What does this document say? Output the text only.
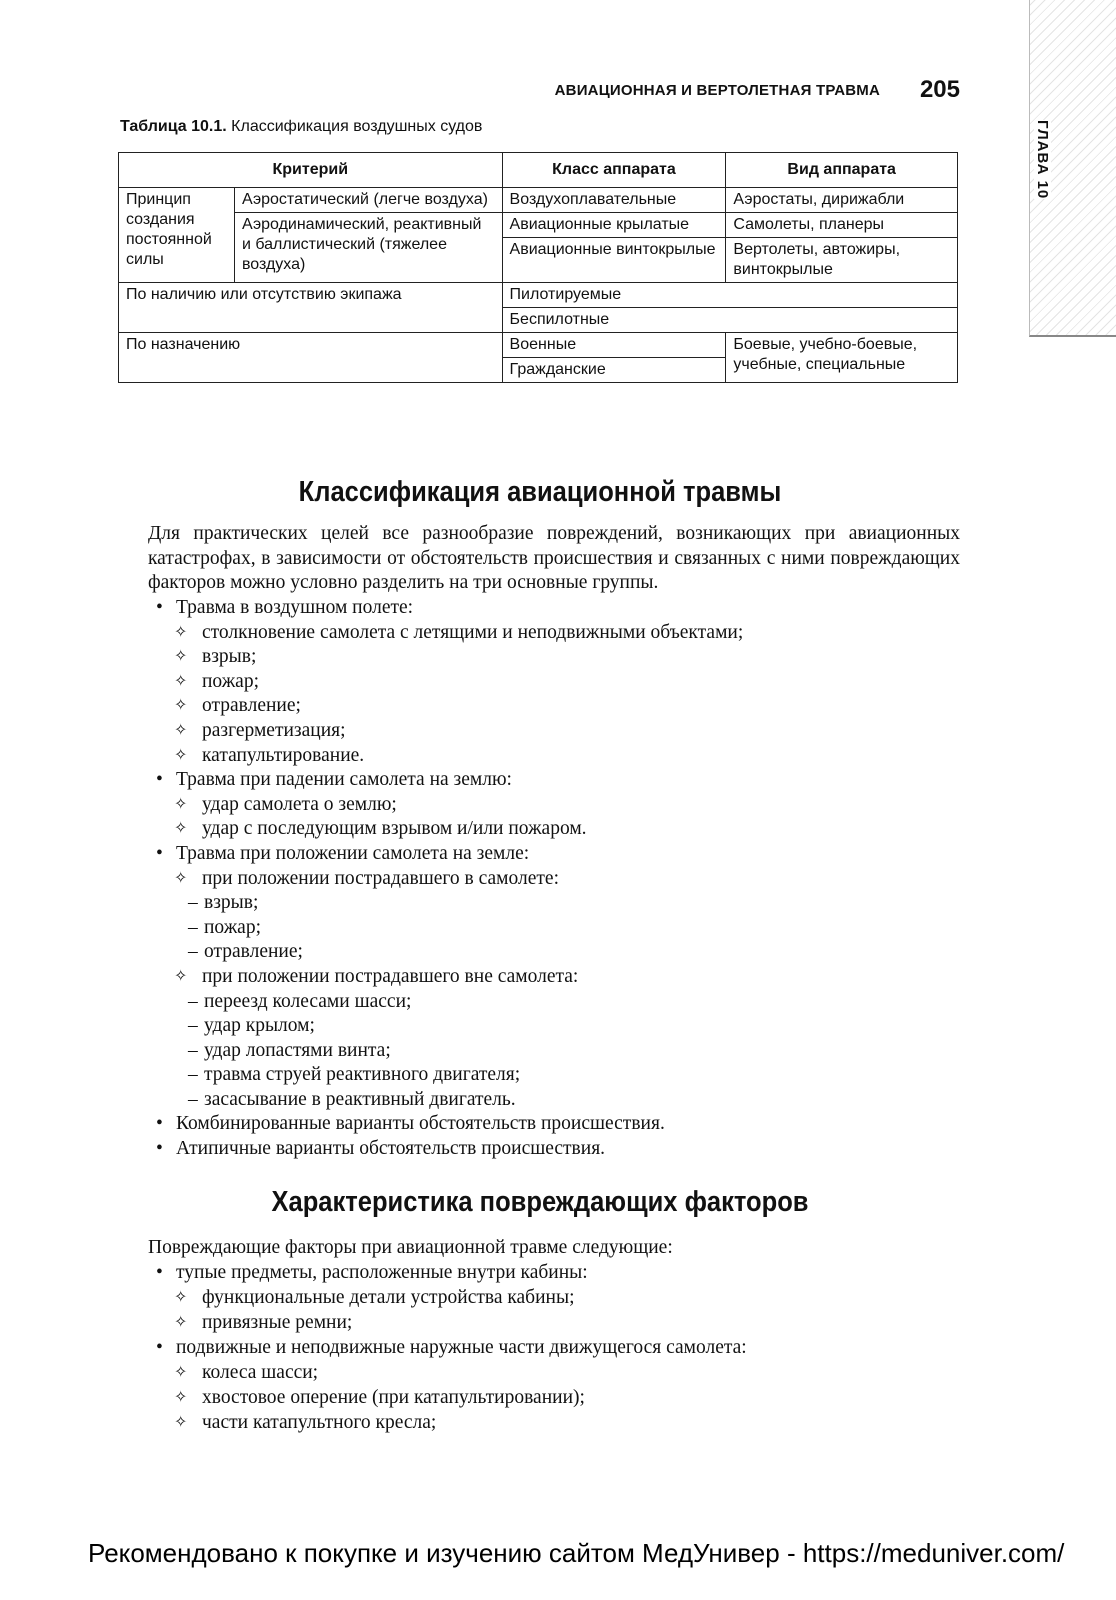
ГЛАВА 10
АВИАЦИОННАЯ И ВЕРТОЛЕТНАЯ ТРАВМА 205
Таблица 10.1. Классификация воздушных судов
Критерий		Класс аппарата	Вид аппарата
Принцип создания постоянной силы	Аэростатический (легче воздуха)	Воздухоплавательные	Аэростаты, дирижабли
	Аэродинамический, реактивный и баллистический (тяжелее воздуха)	Авиационные крылатые	Самолеты, планеры
		Авиационные винтокрылые	Вертолеты, автожиры, винтокрылые
По наличию или отсутствию экипажа		Пилотируемые	
		Беспилотные	
По назначению		Военные	Боевые, учебно-боевые, учебные, специальные
		Гражданские	
Классификация авиационной травмы

Для практических целей все разнообразие повреждений, возникающих при авиационных катастрофах, в зависимости от обстоятельств происшествия и связанных с ними повреждающих факторов можно условно разделить на три основные группы.

• Травма в воздушном полете:
✧ столкновение самолета с летящими и неподвижными объектами;
✧ взрыв;
✧ пожар;
✧ отравление;
✧ разгерметизация;
✧ катапультирование.
• Травма при падении самолета на землю:
✧ удар самолета о землю;
✧ удар с последующим взрывом и/или пожаром.
• Травма при положении самолета на земле:
✧ при положении пострадавшего в самолете:
– взрыв;
– пожар;
– отравление;
✧ при положении пострадавшего вне самолета:
– переезд колесами шасси;
– удар крылом;
– удар лопастями винта;
– травма струей реактивного двигателя;
– засасывание в реактивный двигатель.
• Комбинированные варианты обстоятельств происшествия.
• Атипичные варианты обстоятельств происшествия.
Характеристика повреждающих факторов

Повреждающие факторы при авиационной травме следующие:

• тупые предметы, расположенные внутри кабины:
✧ функциональные детали устройства кабины;
✧ привязные ремни;
• подвижные и неподвижные наружные части движущегося самолета:
✧ колеса шасси;
✧ хвостовое оперение (при катапультировании);
✧ части катапультного кресла;
Рекомендовано к покупке и изучению сайтом МедУнивер - https://meduniver.com/
